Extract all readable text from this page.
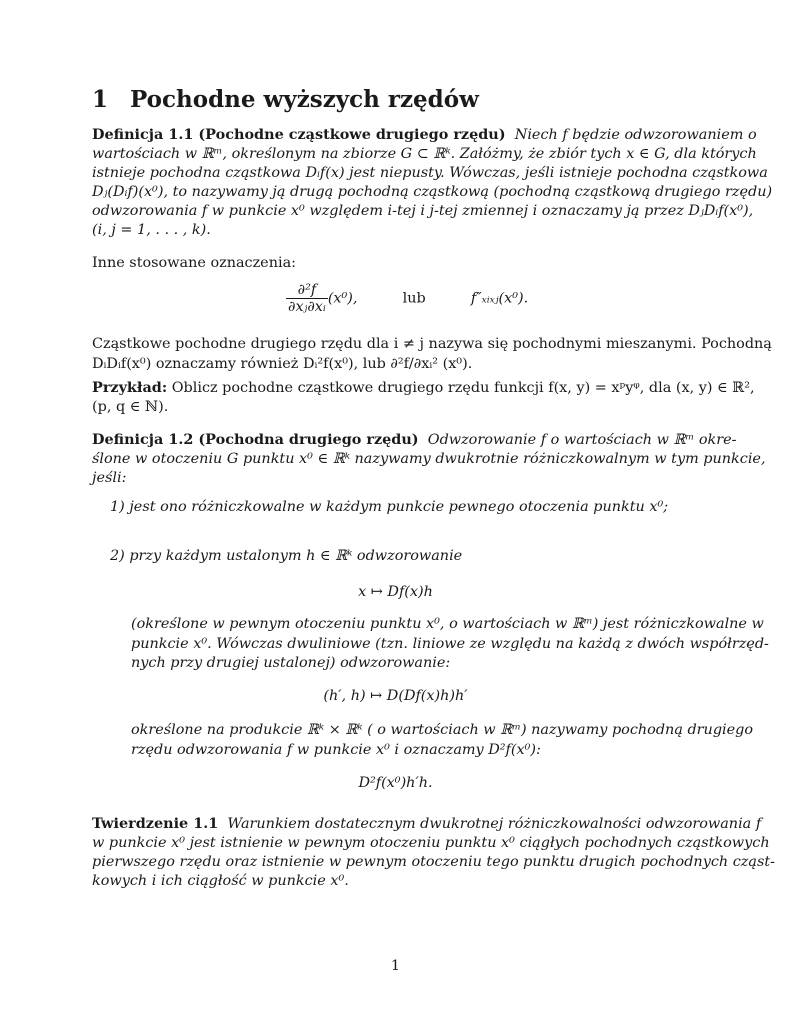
1 Pochodne wyższych rzędów
Definicja 1.1 (Pochodne cząstkowe drugiego rzędu) Niech f będzie odwzorowaniem o
wartościach w ℝᵐ, określonym na zbiorze G ⊂ ℝᵏ. Załóżmy, że zbiór tych x ∈ G, dla których
istnieje pochodna cząstkowa Dᵢf(x) jest niepusty. Wówczas, jeśli istnieje pochodna cząstkowa
Dⱼ(Dᵢf)(x⁰), to nazywamy ją drugą pochodną cząstkową (pochodną cząstkową drugiego rzędu)
odwzorowania f w punkcie x⁰ względem i-tej i j-tej zmiennej i oznaczamy ją przez DⱼDᵢf(x⁰),
(i, j = 1, . . . , k).
Inne stosowane oznaczenia:
$\frac{\text{∂²f}}{\text{∂xⱼ∂xᵢ}} (x^0)$,	lub	f″ₓᵢₓⱼ(x⁰).
Cząstkowe pochodne drugiego rzędu dla i ≠ j nazywa się pochodnymi mieszanymi. Pochodną
DᵢDᵢf(x⁰) oznaczamy również Dᵢ²f(x⁰), lub ∂²f/∂xᵢ² (x⁰).
Przykład: Oblicz pochodne cząstkowe drugiego rzędu funkcji f(x, y) = xᵖyᵠ, dla (x, y) ∈ ℝ²,
(p, q ∈ ℕ).
Definicja 1.2 (Pochodna drugiego rzędu) Odwzorowanie f o wartościach w ℝᵐ okre-
ślone w otoczeniu G punktu x⁰ ∈ ℝᵏ nazywamy dwukrotnie różniczkowalnym w tym punkcie,
jeśli:
1) jest ono różniczkowalne w każdym punkcie pewnego otoczenia punktu x⁰;
2) przy każdym ustalonym h ∈ ℝᵏ odwzorowanie
x ↦ Df(x)h
(określone w pewnym otoczeniu punktu x⁰, o wartościach w ℝᵐ) jest różniczkowalne w
punkcie x⁰. Wówczas dwuliniowe (tzn. liniowe ze względu na każdą z dwóch współrzęd-
nych przy drugiej ustalonej) odwzorowanie:
(h′, h) ↦ D(Df(x)h)h′
określone na produkcie ℝᵏ × ℝᵏ ( o wartościach w ℝᵐ) nazywamy pochodną drugiego
rzędu odwzorowania f w punkcie x⁰ i oznaczamy D²f(x⁰):
D²f(x⁰)h′h.
Twierdzenie 1.1 Warunkiem dostatecznym dwukrotnej różniczkowalności odwzorowania f
w punkcie x⁰ jest istnienie w pewnym otoczeniu punktu x⁰ ciągłych pochodnych cząstkowych
pierwszego rzędu oraz istnienie w pewnym otoczeniu tego punktu drugich pochodnych cząst-
kowych i ich ciągłość w punkcie x⁰.
1
